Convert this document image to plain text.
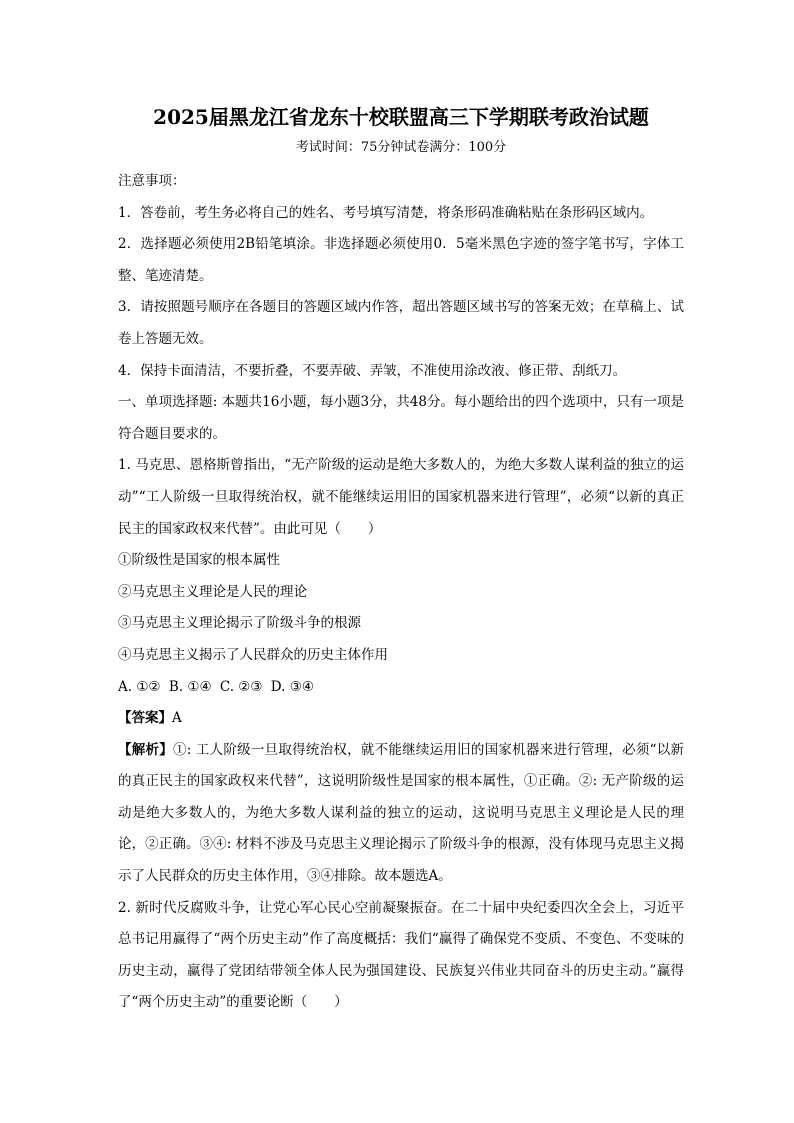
2025届黑龙江省龙东十校联盟高三下学期联考政治试题

考试时间：75分钟试卷满分：100分

注意事项：

1．答卷前，考生务必将自己的姓名、考号填写清楚，将条形码准确粘贴在条形码区域内。

2．选择题必须使用2B铅笔填涂。非选择题必须使用0．5毫米黑色字迹的签字笔书写，字体工整、笔迹清楚。

3．请按照题号顺序在各题目的答题区域内作答，超出答题区域书写的答案无效；在草稿上、试卷上答题无效。

4．保持卡面清洁，不要折叠，不要弄破、弄皱，不准使用涂改液、修正带、刮纸刀。

一、单项选择题: 本题共16小题，每小题3分，共48分。每小题给出的四个选项中，只有一项是符合题目要求的。

1. 马克思、恩格斯曾指出，“无产阶级的运动是绝大多数人的，为绝大多数人谋利益的独立的运动”“工人阶级一旦取得统治权，就不能继续运用旧的国家机器来进行管理”，必须“以新的真正民主的国家政权来代替”。由此可见（　　）

①阶级性是国家的根本属性

②马克思主义理论是人民的理论

③马克思主义理论揭示了阶级斗争的根源

④马克思主义揭示了人民群众的历史主体作用

A. ①② B. ①④ C. ②③ D. ③④

【答案】A

【解析】①: 工人阶级一旦取得统治权，就不能继续运用旧的国家机器来进行管理，必须“以新的真正民主的国家政权来代替”，这说明阶级性是国家的根本属性，①正确。②: 无产阶级的运动是绝大多数人的，为绝大多数人谋利益的独立的运动，这说明马克思主义理论是人民的理论，②正确。③④: 材料不涉及马克思主义理论揭示了阶级斗争的根源，没有体现马克思主义揭示了人民群众的历史主体作用，③④排除。故本题选A。

2. 新时代反腐败斗争，让党心军心民心空前凝聚振奋。在二十届中央纪委四次全会上，习近平总书记用赢得了“两个历史主动”作了高度概括：我们“赢得了确保党不变质、不变色、不变味的历史主动，赢得了党团结带领全体人民为强国建设、民族复兴伟业共同奋斗的历史主动。”赢得了“两个历史主动”的重要论断（　　）
